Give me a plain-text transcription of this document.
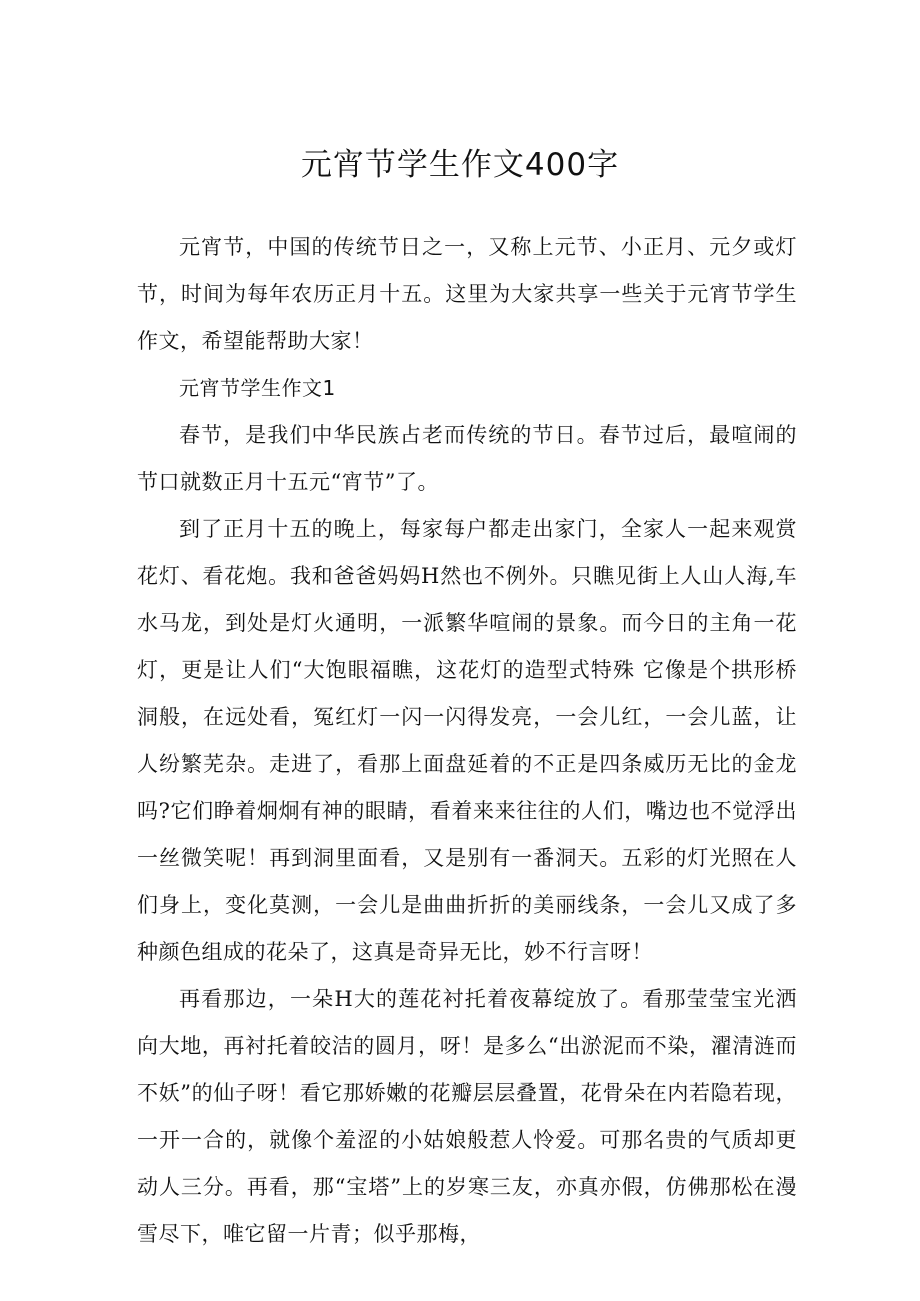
元宵节学生作文400字

元宵节，中国的传统节日之一，又称上元节、小正月、元夕或灯节，时间为每年农历正月十五。这里为大家共享一些关于元宵节学生作文，希望能帮助大家！

元宵节学生作文1

春节，是我们中华民族占老而传统的节日。春节过后，最喧闹的节口就数正月十五元“宵节”了。

到了正月十五的晚上，每家每户都走出家门，全家人一起来观赏花灯、看花炮。我和爸爸妈妈H然也不例外。只瞧见街上人山人海,车水马龙，到处是灯火通明，一派繁华喧闹的景象。而今日的主角一花灯，更是让人们“大饱眼福瞧，这花灯的造型式特殊 它像是个拱形桥洞般，在远处看，冤红灯一闪一闪得发亮，一会儿红，一会儿蓝，让人纷繁芜杂。走进了，看那上面盘延着的不正是四条威历无比的金龙吗?它们睁着炯炯有神的眼睛，看着来来往往的人们，嘴边也不觉浮出一丝微笑呢！再到洞里面看，又是别有一番洞天。五彩的灯光照在人们身上，变化莫测，一会儿是曲曲折折的美丽线条，一会儿又成了多种颜色组成的花朵了，这真是奇异无比，妙不行言呀！

再看那边，一朵H大的莲花衬托着夜幕绽放了。看那莹莹宝光洒向大地，再衬托着皎洁的圆月，呀！是多么“出淤泥而不染，濯清涟而不妖”的仙子呀！看它那娇嫩的花瓣层层叠置，花骨朵在内若隐若现，一开一合的，就像个羞涩的小姑娘般惹人怜爱。可那名贵的气质却更动人三分。再看，那“宝塔”上的岁寒三友，亦真亦假，仿佛那松在漫雪尽下，唯它留一片青；似乎那梅，
